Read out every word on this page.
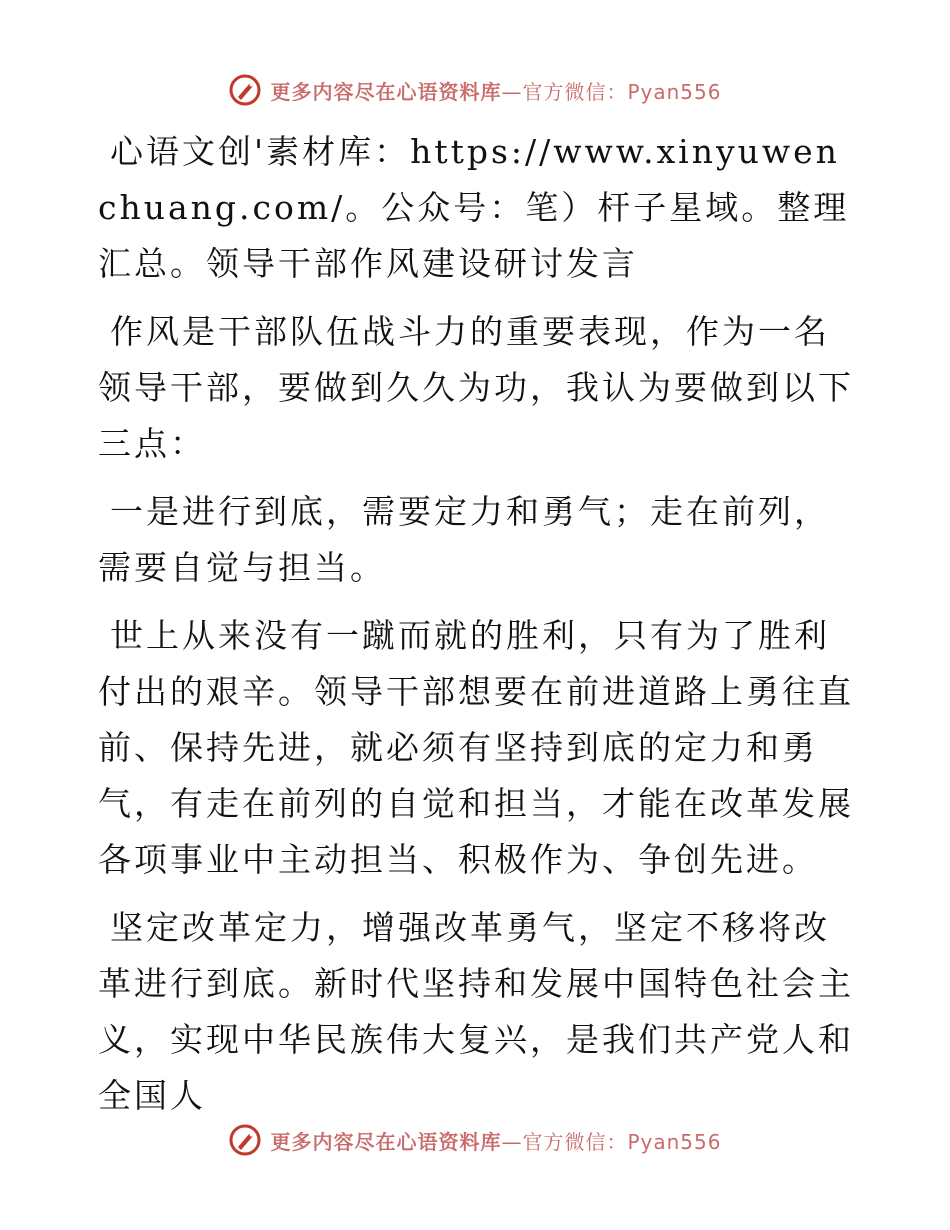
更多内容尽在心语资料库—官方微信：Pyan556

心语文创'素材库：https://www.xinyuwenchuang.com/。公众号：笔）杆子星域。整理汇总。领导干部作风建设研讨发言

作风是干部队伍战斗力的重要表现，作为一名领导干部，要做到久久为功，我认为要做到以下三点：

一是进行到底，需要定力和勇气；走在前列，需要自觉与担当。

世上从来没有一蹴而就的胜利，只有为了胜利付出的艰辛。领导干部想要在前进道路上勇往直前、保持先进，就必须有坚持到底的定力和勇气，有走在前列的自觉和担当，才能在改革发展各项事业中主动担当、积极作为、争创先进。

坚定改革定力，增强改革勇气，坚定不移将改革进行到底。新时代坚持和发展中国特色社会主义，实现中华民族伟大复兴，是我们共产党人和全国人

更多内容尽在心语资料库—官方微信：Pyan556
